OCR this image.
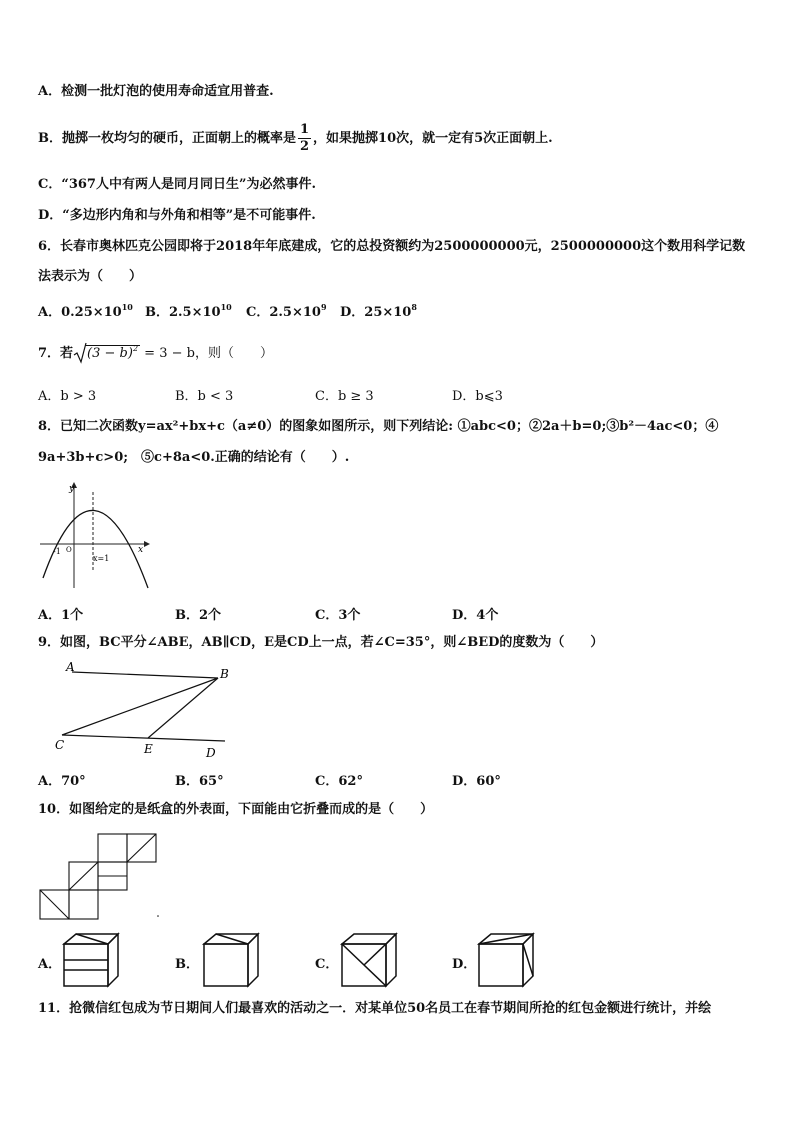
A．检测一批灯泡的使用寿命适宜用普查.
B．抛掷一枚均匀的硬币，正面朝上的概率是 $\frac{1}{2}$ ，如果抛掷10次，就一定有5次正面朝上.
C．“367人中有两人是同月同日生”为必然事件.
D．“多边形内角和与外角和相等”是不可能事件.
6．长春市奥林匹克公园即将于2018年年底建成，它的总投资额约为2500000000元，2500000000这个数用科学记数
法表示为（　　）
A．$0.25\times 10^{10}$ B．$2.5\times 10^{10}$ C．$2.5\times 10^9$ D．$25\times 10^8$
7．若 $(3 - b)^2 = 3 - b$，则（　　）
A．b > 3	B．b < 3	C．b ≥ 3	D．b⩽3
8．已知二次函数y=ax²+bx+c（a≠0）的图象如图所示，则下列结论: ①abc<0；②2a＋b=0;③b²－4ac<0；④
9a+3b+c>0;　⑤c+8a<0.正确的结论有（　　）.
y
x
O
-1
x=1
A．1个	B．2个	C．3个	D．4个
9．如图，BC平分∠ABE，AB∥CD，E是CD上一点，若∠C=35°，则∠BED的度数为（　　）
A	B
C	E	D
A．70°	B．65°	C．62°	D．60°
10．如图给定的是纸盒的外表面，下面能由它折叠而成的是（　　）
A．	B．	C．	D．
11．抢微信红包成为节日期间人们最喜欢的活动之一．对某单位50名员工在春节期间所抢的红包金额进行统计，并绘
